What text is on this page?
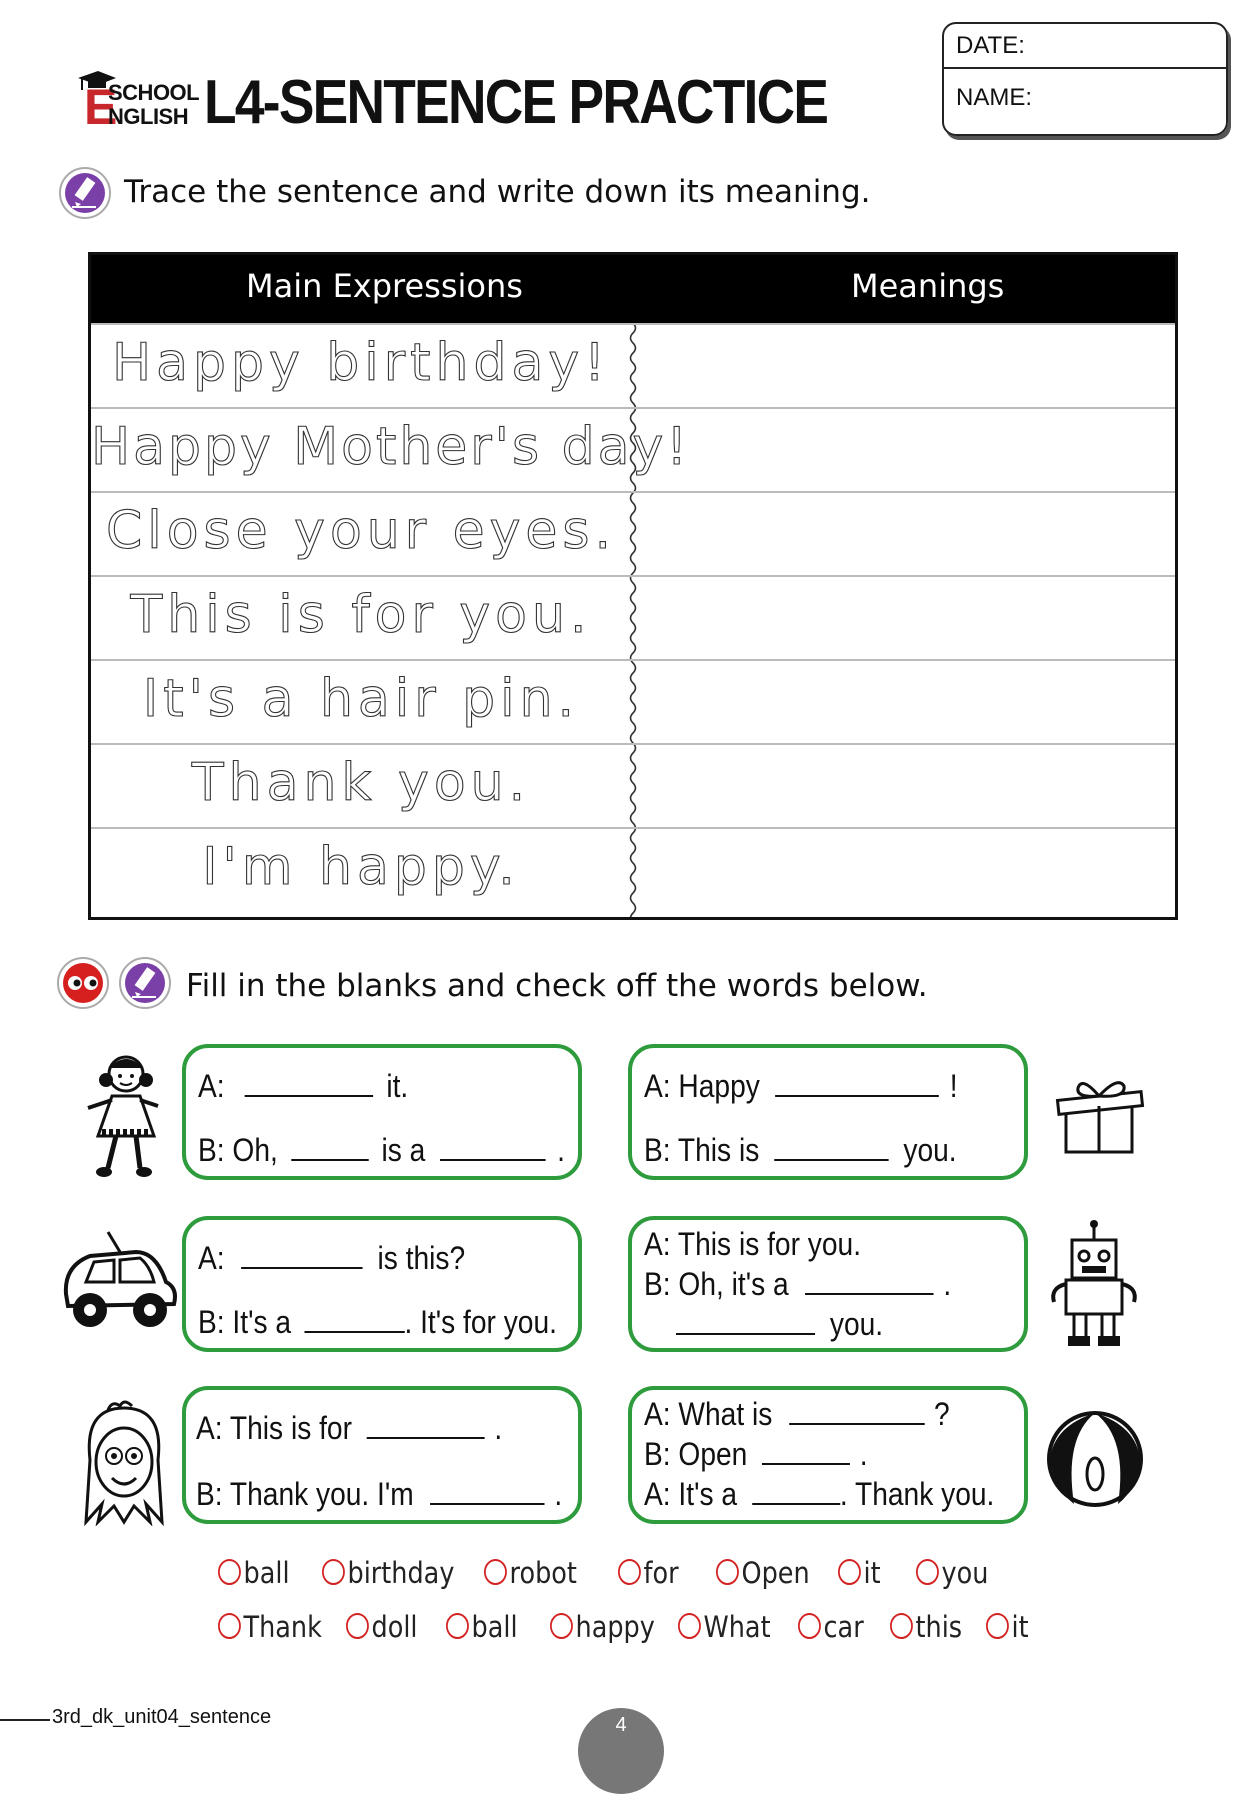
E
SCHOOL
NGLISH L4-SENTENCE PRACTICE
DATE:
NAME:
Trace the sentence and write down its meaning.
Main Expressions	Meanings
Happy birthday!
Happy Mother's day!
Close your eyes.
This is for you.
It's a hair pin.
Thank you.
I'm happy.
Fill in the blanks and check off the words below.
A:	it.
B: Oh,	is a	.
A: Happy	!
B: This is	you.
A:	is this?
B: It's a	. It's for you.
A: This is for you.
B: Oh, it's a	.
you.
A: This is for	.
B: Thank you. I'm	.
A: What is	?
B: Open	.
A: It's a	. Thank you.
ball	birthday	robot	for	Open	it	you
Thank	doll	ball	happy	What	car	this	it
3rd_dk_unit04_sentence	4
